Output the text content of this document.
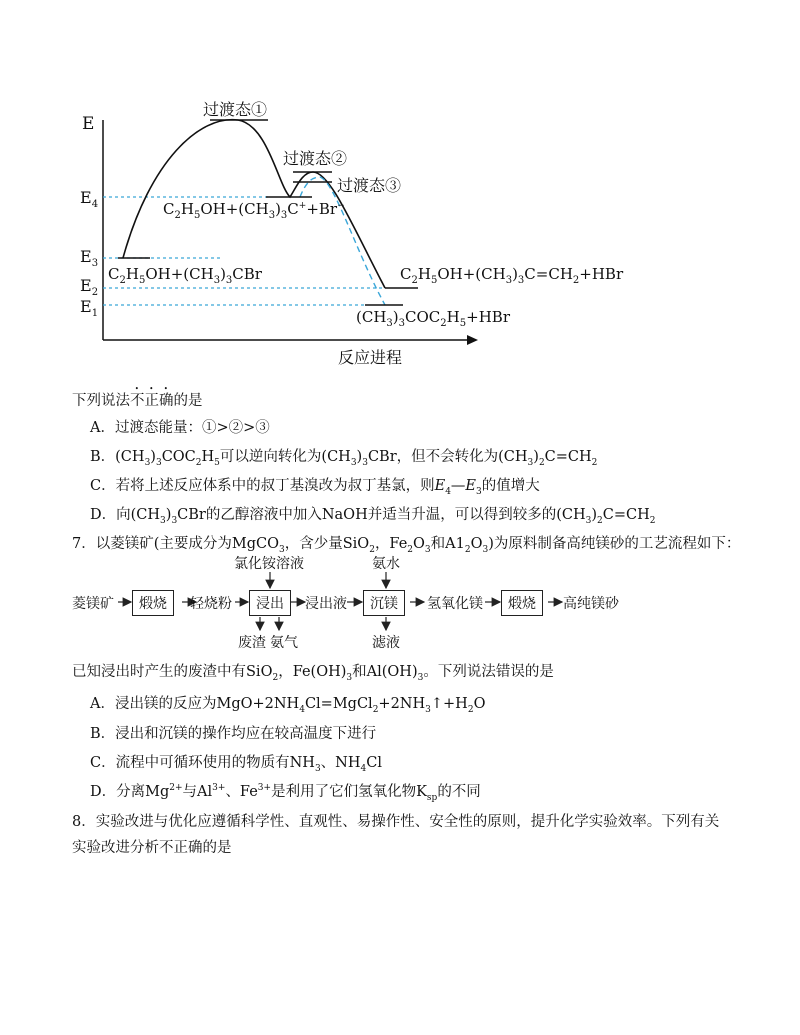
E
$E_4$
$E_3$
$E_2$
$E_1$
过渡态①
过渡态②
过渡态③
$C_2H_5OH+(CH_3)_3C^++Br^-$
$C_2H_5OH+(CH_3)_3CBr$	$C_2H_5OH+(CH_3)_3C=CH_2+HBr$
$(CH_3)_3COC_2H_5+HBr$
反应进程
下列说法不正确的是
A．过渡态能量：①>②>③
B．$(CH_3)_3COC_2H_5$可以逆向转化为$(CH_3)_3CBr$，但不会转化为$(CH_3)_2C=CH_2$
C．若将上述反应体系中的叔丁基溴改为叔丁基氯，则$E_4—E_3$的值增大
D．向$(CH_3)_3CBr$的乙醇溶液中加入NaOH并适当升温，可以得到较多的$(CH_3)_2C=CH_2$
7．以菱镁矿(主要成分为MgCO$_3$，含少量SiO$_2$，$Fe_2O_3$和$A1_2O_3$)为原料制备高纯镁砂的工艺流程如下：
菱镁矿	煅烧	轻烧粉	浸出
氯化铵溶液
废渣 氨气
浸出液	沉镁
氨水
滤液
氢氧化镁	煅烧	高纯镁砂
已知浸出时产生的废渣中有SiO$_2$，$Fe(OH)_3$和$Al(OH)_3$。下列说法错误的是
A．浸出镁的反应为$MgO+2NH_4Cl=MgCl_2+2NH_3↑+H_2O$
B．浸出和沉镁的操作均应在较高温度下进行
C．流程中可循环使用的物质有$NH_3$、$NH_4Cl$
D．分离$Mg^{2+}$与$Al^{3+}$、$Fe^{3+}$是利用了它们氢氧化物$K_{sp}$的不同
8．实验改进与优化应遵循科学性、直观性、易操作性、安全性的原则，提升化学实验效率。下列有关
实验改进分析不正确的是
